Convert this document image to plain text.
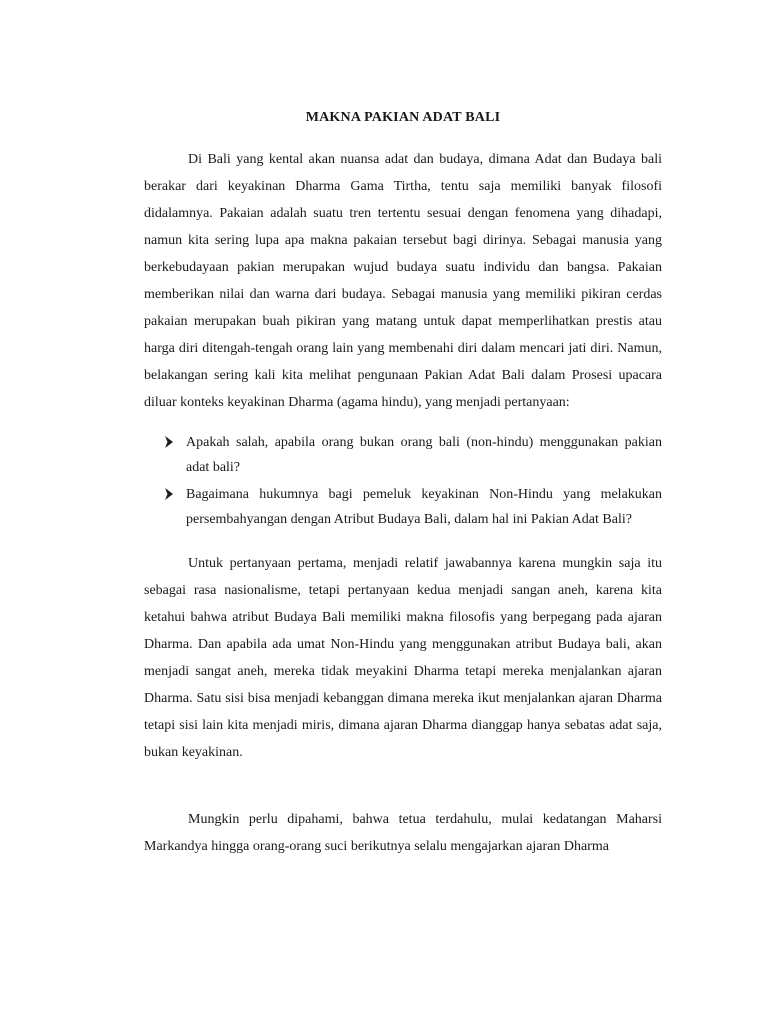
MAKNA PAKIAN ADAT BALI

Di Bali yang kental akan nuansa adat dan budaya, dimana Adat dan Budaya bali berakar dari keyakinan Dharma Gama Tirtha, tentu saja memiliki banyak filosofi didalamnya. Pakaian adalah suatu tren tertentu sesuai dengan fenomena yang dihadapi, namun kita sering lupa apa makna pakaian tersebut bagi dirinya. Sebagai manusia yang berkebudayaan pakian merupakan wujud budaya suatu individu dan bangsa. Pakaian memberikan nilai dan warna dari budaya. Sebagai manusia yang memiliki pikiran cerdas pakaian merupakan buah pikiran yang matang untuk dapat memperlihatkan prestis atau harga diri ditengah-tengah orang lain yang membenahi diri dalam mencari jati diri. Namun, belakangan sering kali kita melihat pengunaan Pakian Adat Bali dalam Prosesi upacara diluar konteks keyakinan Dharma (agama hindu), yang menjadi pertanyaan:

Apakah salah, apabila orang bukan orang bali (non-hindu) menggunakan pakian adat bali?
Bagaimana hukumnya bagi pemeluk keyakinan Non-Hindu yang melakukan persembahyangan dengan Atribut Budaya Bali, dalam hal ini Pakian Adat Bali?

Untuk pertanyaan pertama, menjadi relatif jawabannya karena mungkin saja itu sebagai rasa nasionalisme, tetapi pertanyaan kedua menjadi sangan aneh, karena kita ketahui bahwa atribut Budaya Bali memiliki makna filosofis yang berpegang pada ajaran Dharma. Dan apabila ada umat Non-Hindu yang menggunakan atribut Budaya bali, akan menjadi sangat aneh, mereka tidak meyakini Dharma tetapi mereka menjalankan ajaran Dharma. Satu sisi bisa menjadi kebanggan dimana mereka ikut menjalankan ajaran Dharma tetapi sisi lain kita menjadi miris, dimana ajaran Dharma dianggap hanya sebatas adat saja, bukan keyakinan.

Mungkin perlu dipahami, bahwa tetua terdahulu, mulai kedatangan Maharsi Markandya hingga orang-orang suci berikutnya selalu mengajarkan ajaran Dharma
